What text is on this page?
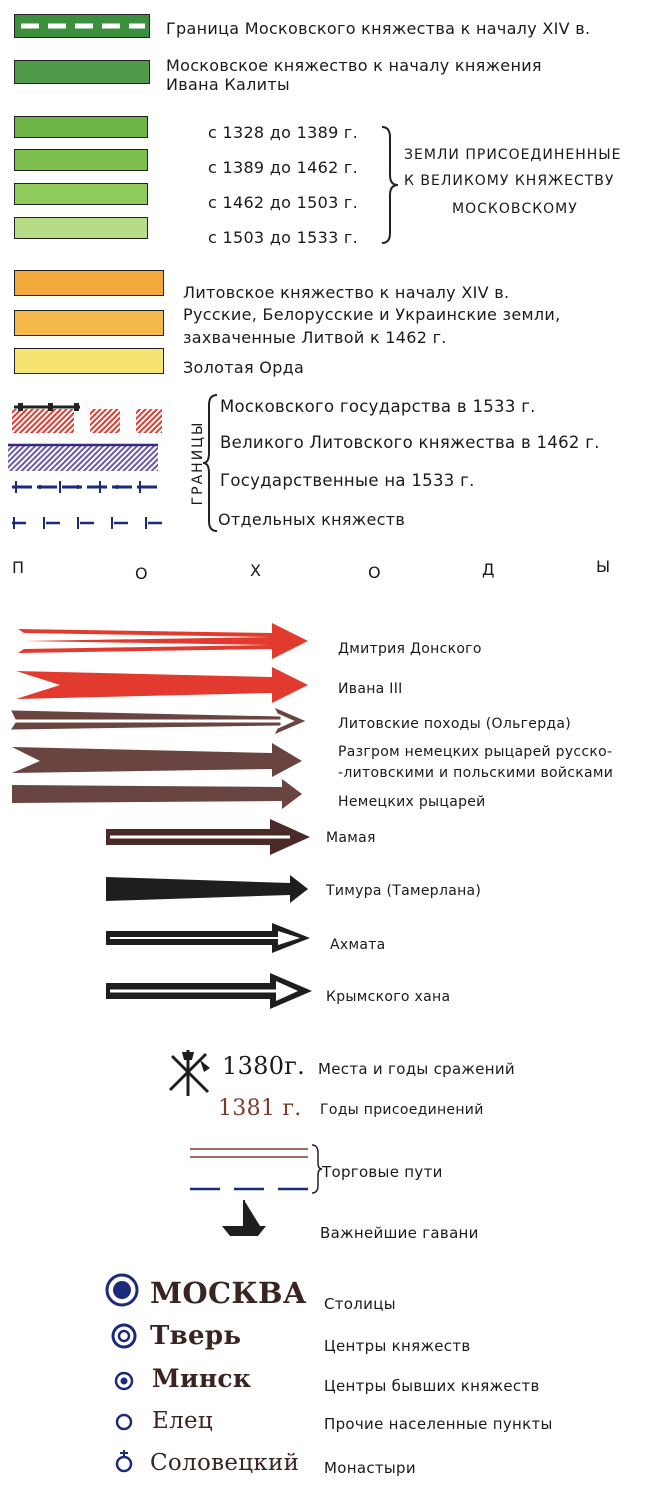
Граница Московского княжества к началу XIV в.
Московское княжество к началу княжения
Ивана Калиты
с 1328 до 1389 г.
с 1389 до 1462 г.
с 1462 до 1503 г.
с 1503 до 1533 г.
ЗЕМЛИ ПРИСОЕДИНЕННЫЕ
К ВЕЛИКОМУ КНЯЖЕСТВУ
МОСКОВСКОМУ
Литовское княжество к началу XIV в.
Русские, Белорусские и Украинские земли,
захваченные Литвой к 1462 г.
Золотая Орда
ГРАНИЦЫ
Московского государства в 1533 г.
Великого Литовского княжества в 1462 г.
Государственные на 1533 г.
Отдельных княжеств
П	О	Х	О	Д	Ы
Дмитрия Донского
Ивана III
Литовские походы (Ольгерда)
Разгром немецких рыцарей русско-
-литовскими и польскими войсками
Немецких рыцарей
Мамая
Тимура (Тамерлана)
Ахмата
Крымского хана
1380г. Места и годы сражений
1381 г. Годы присоединений
Торговые пути
Важнейшие гавани
МОСКВА Столицы
Тверь	Центры княжеств
Минск	Центры бывших княжеств
Елец	Прочие населенные пункты
Соловецкий Монастыри
